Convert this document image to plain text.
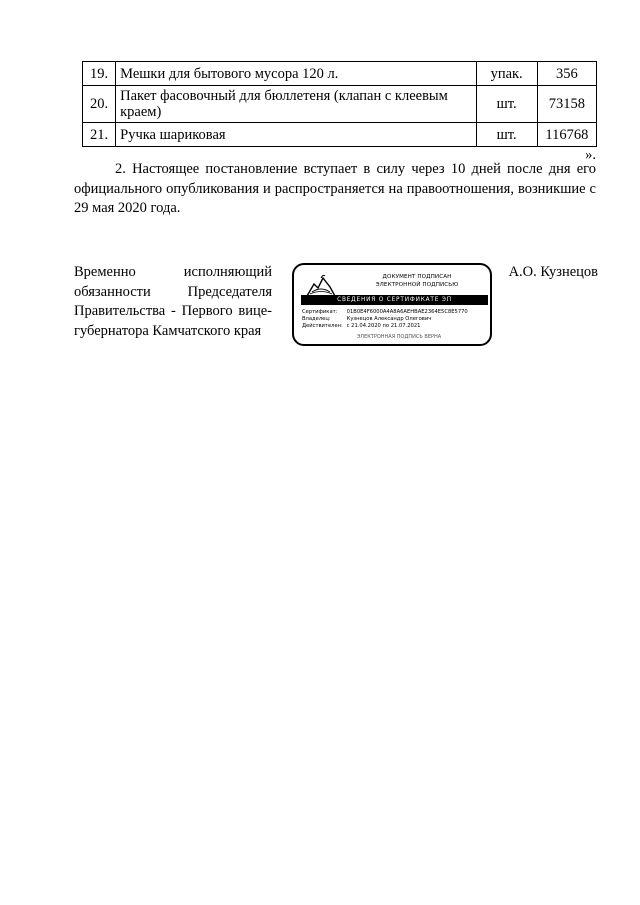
19.	Мешки для бытового мусора 120 л.	упак.	356
20.	Пакет фасовочный для бюллетеня (клапан с клеевым краем)	шт.	73158
21.	Ручка шариковая	шт.	116768
».
2. Настоящее постановление вступает в силу через 10 дней после дня его официального опубликования и распространяется на правоотношения, возникшие с 29 мая 2020 года.
Временно исполняющий обязанности Председателя Правительства - Первого вице-губернатора Камчатского края
ДОКУМЕНТ ПОДПИСАН
ЭЛЕКТРОННОЙ ПОДПИСЬЮ
СВЕДЕНИЯ О СЕРТИФИКАТЕ ЭП
Сертификат: 01B0E4F6000A4A8A6AEHBAE2364E5C8E5770
Владелец:	Кузнецов Александр Олегович
Действителен: с 21.04.2020 по 21.07.2021
ЭЛЕКТРОННАЯ ПОДПИСЬ ВЕРНА
А.О. Кузнецов
